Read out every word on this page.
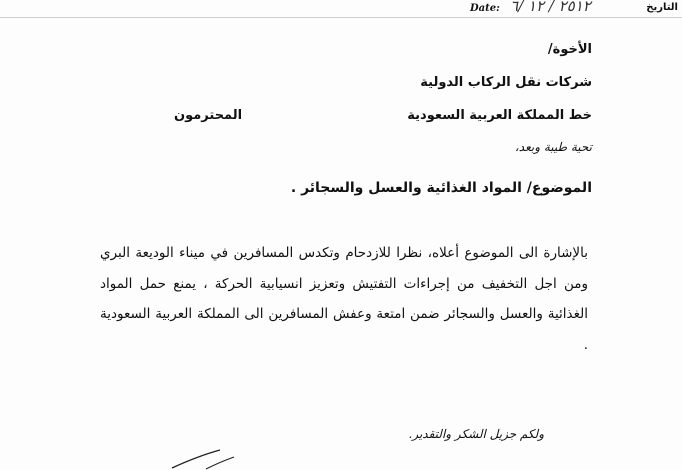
Date: ٢٥١٢ / ١٢ /٦	التاريخ
الأخوة/
شركات نقل الركاب الدولية
خط المملكة العربية السعودية
المحترمون
تحية طيبة وبعد،
الموضوع/ المواد الغذائية والعسل والسجائر .
بالإشارة الى الموضوع أعلاه، نظرا للازدحام وتكدس المسافرين في ميناء الوديعة البري ومن اجل التخفيف من إجراءات التفتيش وتعزيز انسيابية الحركة ، يمنع حمل المواد الغذائية والعسل والسجائر ضمن امتعة وعفش المسافرين الى المملكة العربية السعودية .
ولكم جزيل الشكر والتقدير.
